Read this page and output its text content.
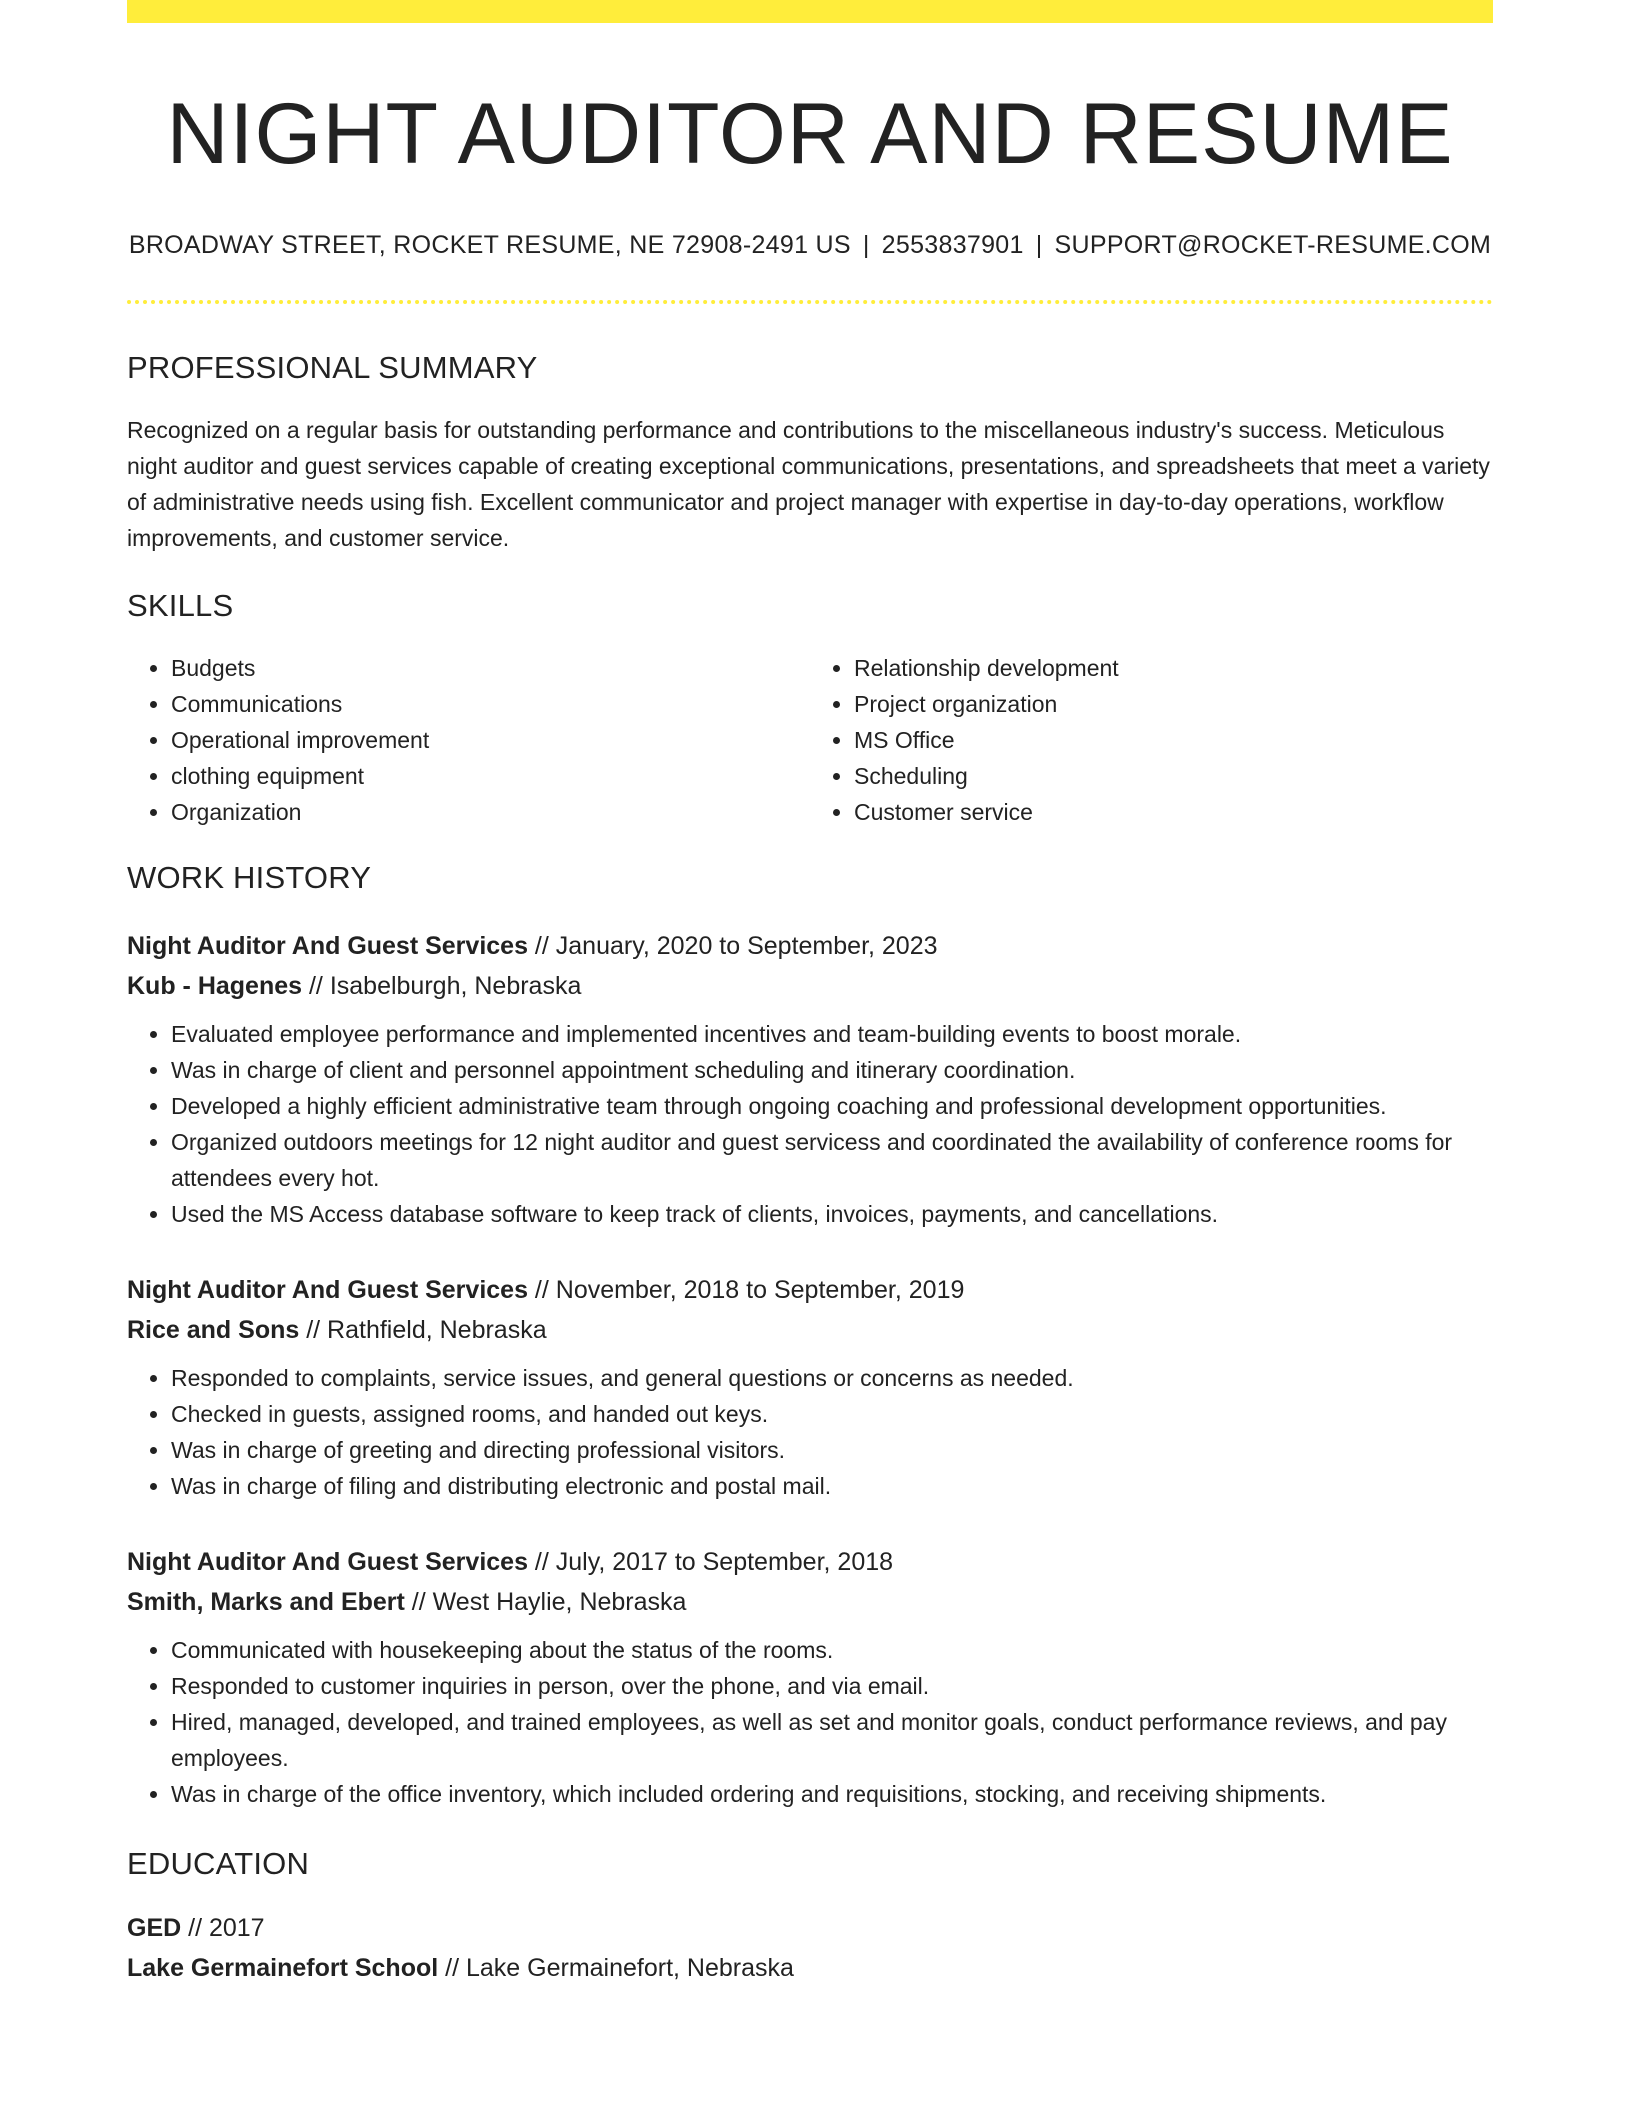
NIGHT AUDITOR AND RESUME
BROADWAY STREET, ROCKET RESUME, NE 72908-2491 US | 2553837901 | SUPPORT@ROCKET-RESUME.COM
PROFESSIONAL SUMMARY
Recognized on a regular basis for outstanding performance and contributions to the miscellaneous industry's success. Meticulous night auditor and guest services capable of creating exceptional communications, presentations, and spreadsheets that meet a variety of administrative needs using fish. Excellent communicator and project manager with expertise in day-to-day operations, workflow improvements, and customer service.
SKILLS
• Budgets
• Communications
• Operational improvement
• clothing equipment
• Organization
• Relationship development
• Project organization
• MS Office
• Scheduling
• Customer service
WORK HISTORY
Night Auditor And Guest Services // January, 2020 to September, 2023
Kub - Hagenes // Isabelburgh, Nebraska
• Evaluated employee performance and implemented incentives and team-building events to boost morale.
• Was in charge of client and personnel appointment scheduling and itinerary coordination.
• Developed a highly efficient administrative team through ongoing coaching and professional development opportunities.
• Organized outdoors meetings for 12 night auditor and guest servicess and coordinated the availability of conference rooms for attendees every hot.
• Used the MS Access database software to keep track of clients, invoices, payments, and cancellations.
Night Auditor And Guest Services // November, 2018 to September, 2019
Rice and Sons // Rathfield, Nebraska
• Responded to complaints, service issues, and general questions or concerns as needed.
• Checked in guests, assigned rooms, and handed out keys.
• Was in charge of greeting and directing professional visitors.
• Was in charge of filing and distributing electronic and postal mail.
Night Auditor And Guest Services // July, 2017 to September, 2018
Smith, Marks and Ebert // West Haylie, Nebraska
• Communicated with housekeeping about the status of the rooms.
• Responded to customer inquiries in person, over the phone, and via email.
• Hired, managed, developed, and trained employees, as well as set and monitor goals, conduct performance reviews, and pay employees.
• Was in charge of the office inventory, which included ordering and requisitions, stocking, and receiving shipments.
EDUCATION
GED // 2017
Lake Germainefort School // Lake Germainefort, Nebraska
